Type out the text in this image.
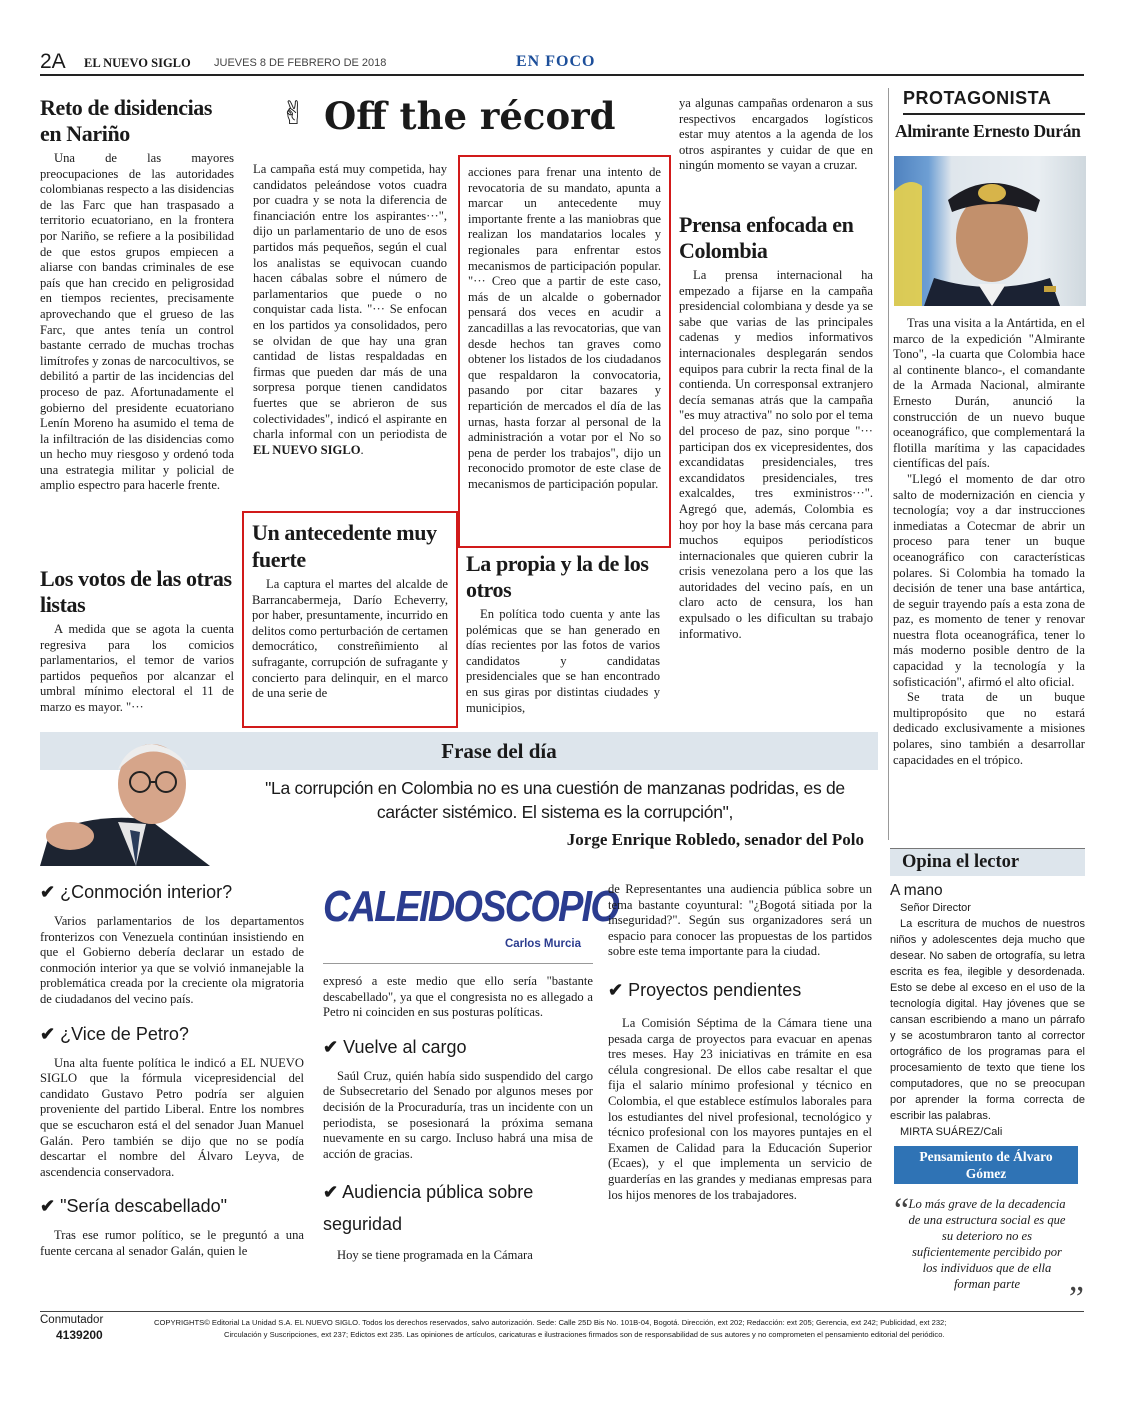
2A EL NUEVO SIGLO JUEVES 8 DE FEBRERO DE 2018	EN FOCO
Reto de disidencias en Nariño

Una de las mayores preocupaciones de las autoridades colombianas respecto a las disidencias de las Farc que han traspasado a territorio ecuatoriano, en la frontera por Nariño, se refiere a la posibilidad de que estos grupos empiecen a aliarse con bandas criminales de ese país que han crecido en peligrosidad en tiempos recientes, precisamente aprovechando que el grueso de las Farc, que antes tenía un control bastante cerrado de muchas trochas limítrofes y zonas de narcocultivos, se debilitó a partir de las incidencias del proceso de paz. Afortunadamente el gobierno del presidente ecuatoriano Lenín Moreno ha asumido el tema de la infiltración de las disidencias como un hecho muy riesgoso y ordenó toda una estrategia militar y policial de amplio espectro para hacerle frente.

Los votos de las otras listas

A medida que se agota la cuenta regresiva para los comicios parlamentarios, el temor de varios partidos pequeños por alcanzar el umbral mínimo electoral el 11 de marzo es mayor. "···

✌ Off the récord
La campaña está muy competida, hay candidatos peleándose votos cuadra por cuadra y se nota la diferencia de financiación entre los aspirantes···", dijo un parlamentario de uno de esos partidos más pequeños, según el cual los analistas se equivocan cuando hacen cábalas sobre el número de parlamentarios que puede o no conquistar cada lista. "··· Se enfocan en los partidos ya consolidados, pero se olvidan de que hay una gran cantidad de listas respaldadas en firmas que pueden dar más de una sorpresa porque tienen candidatos fuertes que se abrieron de sus colectividades", indicó el aspirante en charla informal con un periodista de EL NUEVO SIGLO.
Un antecedente muy fuerte

La captura el martes del alcalde de Barrancabermeja, Darío Echeverry, por haber, presuntamente, incurrido en delitos como perturbación de certamen democrático, constreñimiento al sufragante, corrupción de sufragante y concierto para delinquir, en el marco de una serie de

acciones para frenar una intento de revocatoria de su mandato, apunta a marcar un antecedente muy importante frente a las maniobras que realizan los mandatarios locales y regionales para enfrentar estos mecanismos de participación popular. "··· Creo que a partir de este caso, más de un alcalde o gobernador pensará dos veces en acudir a zancadillas a las revocatorias, que van desde hechos tan graves como obtener los listados de los ciudadanos que respaldaron la convocatoria, pasando por citar bazares y repartición de mercados el día de las urnas, hasta forzar al personal de la administración a votar por el No so pena de perder los trabajos", dijo un reconocido promotor de este clase de mecanismos de participación popular.
La propia y la de los otros

En política todo cuenta y ante las polémicas que se han generado en días recientes por las fotos de varios candidatos y candidatas presidenciales que se han encontrado en sus giras por distintas ciudades y municipios,

ya algunas campañas ordenaron a sus respectivos encargados logísticos estar muy atentos a la agenda de los otros aspirantes y cuidar de que en ningún momento se vayan a cruzar.
Prensa enfocada en Colombia

La prensa internacional ha empezado a fijarse en la campaña presidencial colombiana y desde ya se sabe que varias de las principales cadenas y medios informativos internacionales desplegarán sendos equipos para cubrir la recta final de la contienda. Un corresponsal extranjero decía semanas atrás que la campaña "es muy atractiva" no solo por el tema del proceso de paz, sino porque "··· participan dos ex vicepresidentes, dos excandidatas presidenciales, tres excandidatos presidenciales, tres exalcaldes, tres exministros···". Agregó que, además, Colombia es hoy por hoy la base más cercana para muchos equipos periodísticos internacionales que quieren cubrir la crisis venezolana pero a los que las autoridades del vecino país, en un claro acto de censura, los han expulsado o les dificultan su trabajo informativo.

PROTAGONISTA
Almirante Ernesto Durán

Tras una visita a la Antártida, en el marco de la expedición "Almirante Tono", -la cuarta que Colombia hace al continente blanco-, el comandante de la Armada Nacional, almirante Ernesto Durán, anunció la construcción de un nuevo buque oceanográfico, que complementará la flotilla marítima y las capacidades científicas del país.

"Llegó el momento de dar otro salto de modernización en ciencia y tecnología; voy a dar instrucciones inmediatas a Cotecmar de abrir un proceso para tener un buque oceanográfico con características polares. Si Colombia ha tomado la decisión de tener una base antártica, de seguir trayendo país a esta zona de paz, es momento de tener y renovar nuestra flota oceanográfica, tener lo más moderno posible dentro de la capacidad y la tecnología y la sofisticación", afirmó el alto oficial.

Se trata de un buque multipropósito que no estará dedicado exclusivamente a misiones polares, sino también a desarrollar capacidades en el trópico.

Frase del día
"La corrupción en Colombia no es una cuestión de manzanas podridas, es de carácter sistémico. El sistema es la corrupción",
Jorge Enrique Robledo, senador del Polo
✔ ¿Conmoción interior?

Varios parlamentarios de los departamentos fronterizos con Venezuela continúan insistiendo en que el Gobierno debería declarar un estado de conmoción interior ya que se volvió inmanejable la problemática creada por la creciente ola migratoria de ciudadanos del vecino país.

✔ ¿Vice de Petro?

Una alta fuente política le indicó a EL NUEVO SIGLO que la fórmula vicepresidencial del candidato Gustavo Petro podría ser alguien proveniente del partido Liberal. Entre los nombres que se escucharon está el del senador Juan Manuel Galán. Pero también se dijo que no se podía descartar el nombre del Álvaro Leyva, de ascendencia conservadora.

✔ "Sería descabellado"

Tras ese rumor político, se le preguntó a una fuente cercana al senador Galán, quien le

CALEIDOSCOPIO
Carlos Murcia
expresó a este medio que ello sería "bastante descabellado", ya que el congresista no es allegado a Petro ni coinciden en sus posturas políticas.
✔ Vuelve al cargo

Saúl Cruz, quién había sido suspendido del cargo de Subsecretario del Senado por algunos meses por decisión de la Procuraduría, tras un incidente con un periodista, se posesionará la próxima semana nuevamente en su cargo. Incluso habrá una misa de acción de gracias.

✔ Audiencia pública sobre seguridad

Hoy se tiene programada en la Cámara

de Representantes una audiencia pública sobre un tema bastante coyuntural: "¿Bogotá sitiada por la inseguridad?". Según sus organizadores será un espacio para conocer las propuestas de los partidos sobre este tema importante para la ciudad.
✔ Proyectos pendientes

La Comisión Séptima de la Cámara tiene una pesada carga de proyectos para evacuar en apenas tres meses. Hay 23 iniciativas en trámite en esa célula congresional. De ellos cabe resaltar el que fija el salario mínimo profesional y técnico en Colombia, el que establece estímulos laborales para los estudiantes del nivel profesional, tecnológico y técnico profesional con los mayores puntajes en el Examen de Calidad para la Educación Superior (Ecaes), y el que implementa un servicio de guarderías en las grandes y medianas empresas para los hijos menores de los trabajadores.

Opina el lector
A mano
Señor Director
La escritura de muchos de nuestros niños y adolescentes deja mucho que desear. No saben de ortografía, su letra escrita es fea, ilegible y desordenada. Esto se debe al exceso en el uso de la tecnología digital. Hay jóvenes que se cansan escribiendo a mano un párrafo y se acostumbraron tanto al corrector ortográfico de los programas para el procesamiento de texto que tiene los computadores, que no se preocupan por aprender la forma correcta de escribir las palabras.
MIRTA SUÁREZ/Cali
Pensamiento de Álvaro Gómez
“ Lo más grave de la decadencia de una estructura social es que su deterioro no es suficientemente percibido por los individuos que de ella forman parte	”
Conmutador
4139200
COPYRIGHTS© Editorial La Unidad S.A. EL NUEVO SIGLO. Todos los derechos reservados, salvo autorización. Sede: Calle 25D Bis No. 101B-04, Bogotá. Dirección, ext 202; Redacción: ext 205; Gerencia, ext 242; Publicidad, ext 232;
Circulación y Suscripciones, ext 237; Edictos ext 235. Las opiniones de artículos, caricaturas e ilustraciones firmados son de responsabilidad de sus autores y no comprometen el pensamiento editorial del periódico.
